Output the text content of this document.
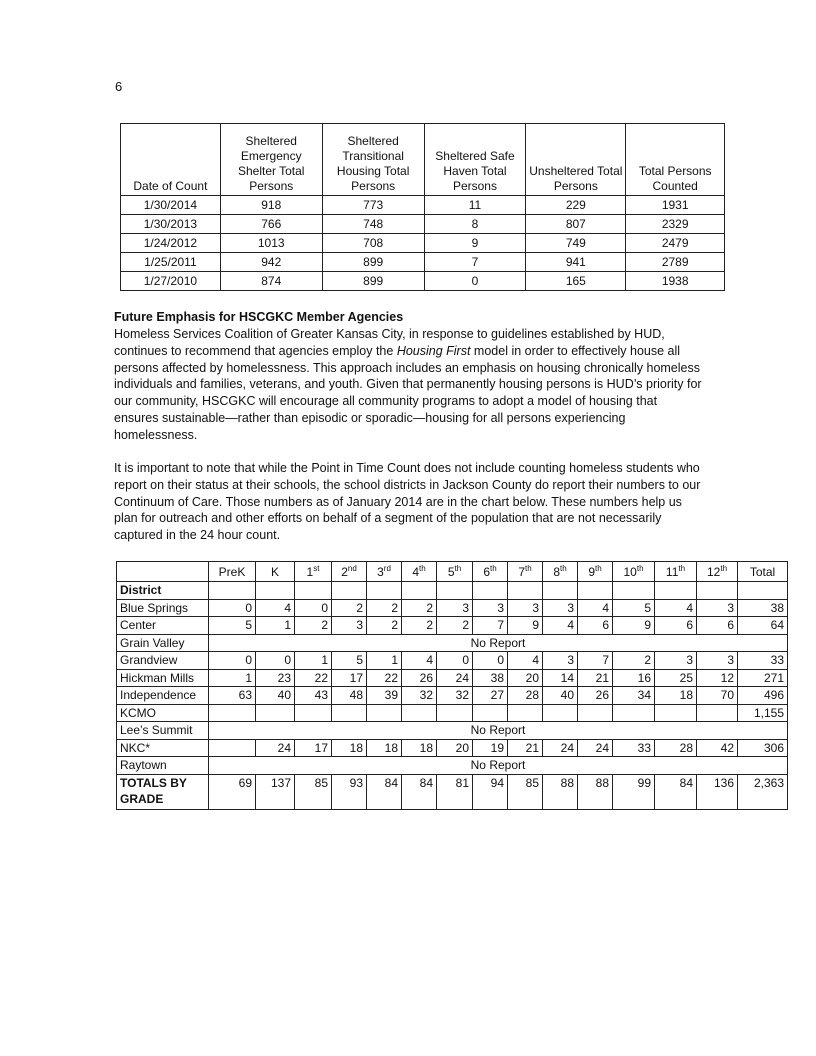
6
Date of Count	Sheltered Emergency Shelter Total Persons	Sheltered Transitional Housing Total Persons	Sheltered Safe Haven Total Persons	Unsheltered Total Persons	Total Persons Counted
1/30/2014	918	773	11	229	1931
1/30/2013	766	748	8	807	2329
1/24/2012	1013	708	9	749	2479
1/25/2011	942	899	7	941	2789
1/27/2010	874	899	0	165	1938
Future Emphasis for HSCGKC Member Agencies

Homeless Services Coalition of Greater Kansas City, in response to guidelines established by HUD, continues to recommend that agencies employ the Housing First model in order to effectively house all persons affected by homelessness. This approach includes an emphasis on housing chronically homeless individuals and families, veterans, and youth. Given that permanently housing persons is HUD’s priority for our community, HSCGKC will encourage all community programs to adopt a model of housing that ensures sustainable—rather than episodic or sporadic—housing for all persons experiencing homelessness.

It is important to note that while the Point in Time Count does not include counting homeless students who report on their status at their schools, the school districts in Jackson County do report their numbers to our Continuum of Care. Those numbers as of January 2014 are in the chart below. These numbers help us plan for outreach and other efforts on behalf of a segment of the population that are not necessarily captured in the 24 hour count.

	PreK	K	1st	2nd	3rd	4th	5th	6th	7th	8th	9th	10th	11th	12th	Total
District															
Blue Springs	0	4	0	2	2	2	3	3	3	3	4	5	4	3	38
Center	5	1	2	3	2	2	2	7	9	4	6	9	6	6	64
Grain Valley	No Report														
Grandview	0	0	1	5	1	4	0	0	4	3	7	2	3	3	33
Hickman Mills	1	23	22	17	22	26	24	38	20	14	21	16	25	12	271
Independence	63	40	43	48	39	32	32	27	28	40	26	34	18	70	496
KCMO															1,155
Lee’s Summit	No Report														
NKC*		24	17	18	18	18	20	19	21	24	24	33	28	42	306
Raytown	No Report														
TOTALS BY GRADE	69	137	85	93	84	84	81	94	85	88	88	99	84	136	2,363
